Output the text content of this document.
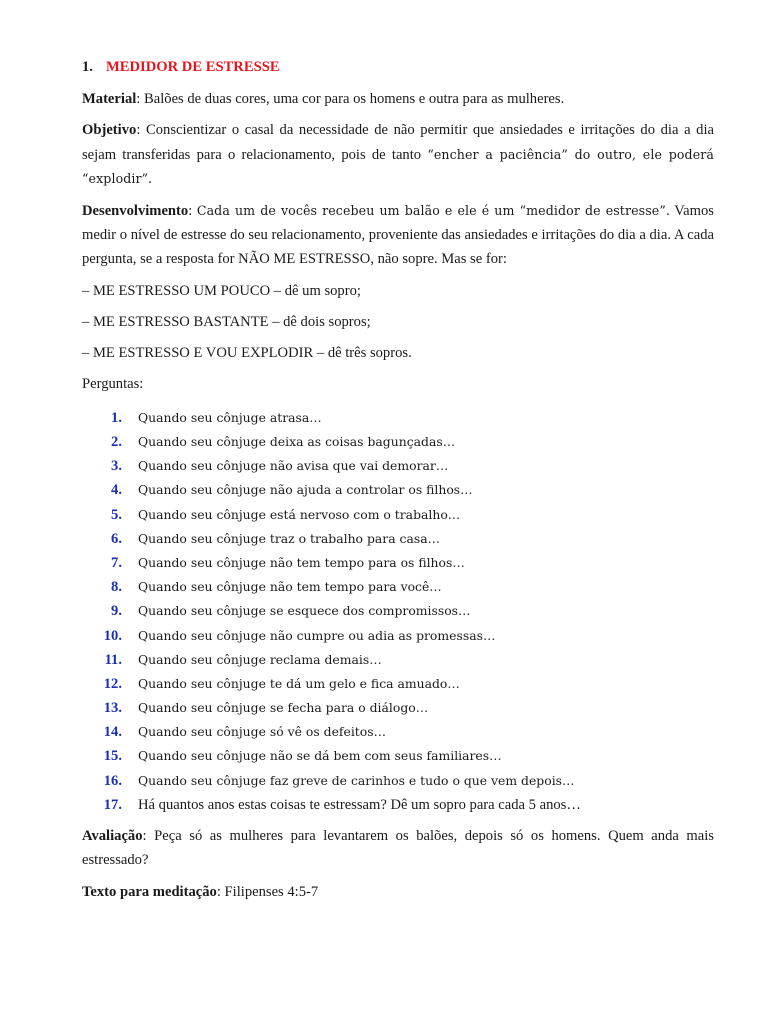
1. MEDIDOR DE ESTRESSE

Material: Balões de duas cores, uma cor para os homens e outra para as mulheres.

Objetivo: Conscientizar o casal da necessidade de não permitir que ansiedades e irritações do dia a dia sejam transferidas para o relacionamento, pois de tanto “encher a paciência” do outro, ele poderá “explodir”.

Desenvolvimento: Cada um de vocês recebeu um balão e ele é um “medidor de estresse”. Vamos medir o nível de estresse do seu relacionamento, proveniente das ansiedades e irritações do dia a dia. A cada pergunta, se a resposta for NÃO ME ESTRESSO, não sopre. Mas se for:

– ME ESTRESSO UM POUCO – dê um sopro;

– ME ESTRESSO BASTANTE – dê dois sopros;

– ME ESTRESSO E VOU EXPLODIR – dê três sopros.

Perguntas:

1. Quando seu cônjuge atrasa…
2. Quando seu cônjuge deixa as coisas bagunçadas…
3. Quando seu cônjuge não avisa que vai demorar…
4. Quando seu cônjuge não ajuda a controlar os filhos…
5. Quando seu cônjuge está nervoso com o trabalho…
6. Quando seu cônjuge traz o trabalho para casa…
7. Quando seu cônjuge não tem tempo para os filhos…
8. Quando seu cônjuge não tem tempo para você…
9. Quando seu cônjuge se esquece dos compromissos…
10. Quando seu cônjuge não cumpre ou adia as promessas…
11. Quando seu cônjuge reclama demais…
12. Quando seu cônjuge te dá um gelo e fica amuado…
13. Quando seu cônjuge se fecha para o diálogo…
14. Quando seu cônjuge só vê os defeitos…
15. Quando seu cônjuge não se dá bem com seus familiares…
16. Quando seu cônjuge faz greve de carinhos e tudo o que vem depois…
17. Há quantos anos estas coisas te estressam? Dê um sopro para cada 5 anos…

Avaliação: Peça só as mulheres para levantarem os balões, depois só os homens. Quem anda mais estressado?

Texto para meditação: Filipenses 4:5-7
